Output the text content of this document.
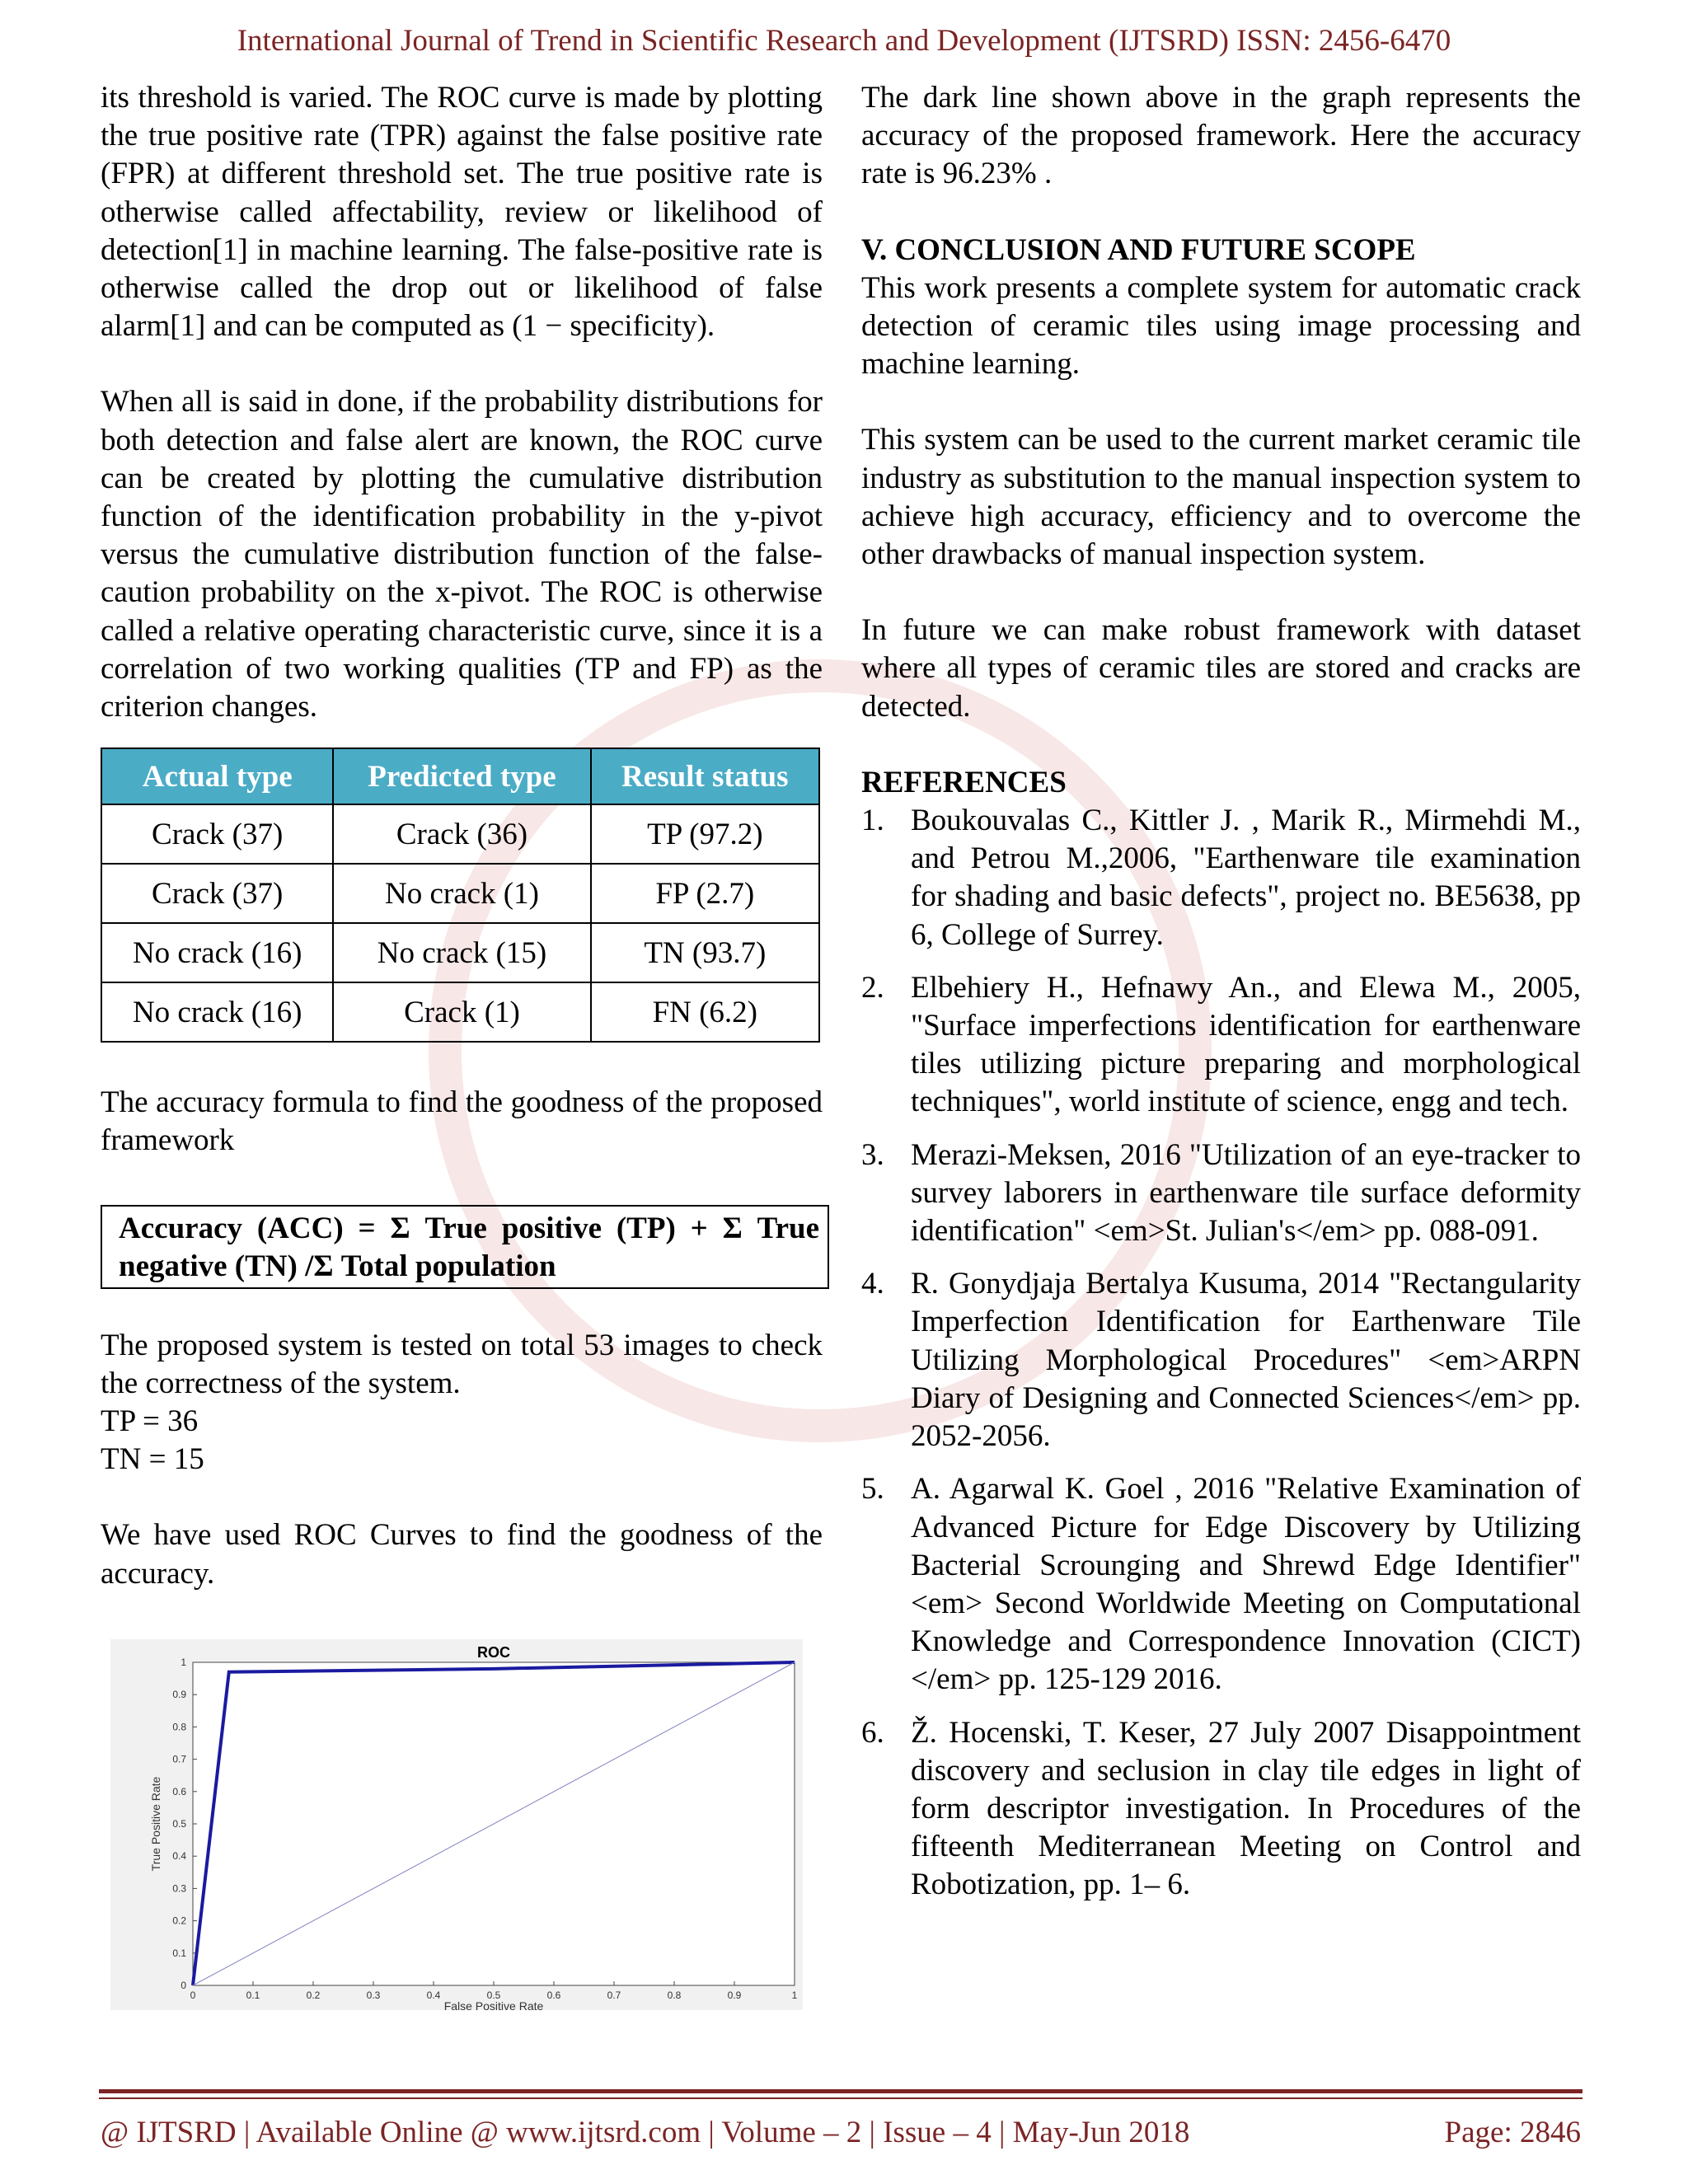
International Journal of Trend in Scientific Research and Development (IJTSRD) ISSN: 2456-6470

its threshold is varied. The ROC curve is made by plotting the true positive rate (TPR) against the false positive rate (FPR) at different threshold set. The true positive rate is otherwise called affectability, review or likelihood of detection[1] in machine learning. The false-positive rate is otherwise called the drop out or likelihood of false alarm[1] and can be computed as (1 − specificity).

When all is said in done, if the probability distributions for both detection and false alert are known, the ROC curve can be created by plotting the cumulative distribution function of the identification probability in the y-pivot versus the cumulative distribution function of the false-caution probability on the x-pivot. The ROC is otherwise called a relative operating characteristic curve, since it is a correlation of two working qualities (TP and FP) as the criterion changes.

Actual type	Predicted type	Result status
Crack (37)	Crack (36)	TP (97.2)
Crack (37)	No crack (1)	FP (2.7)
No crack (16)	No crack (15)	TN (93.7)
No crack (16)	Crack (1)	FN (6.2)

The accuracy formula to find the goodness of the proposed framework

Accuracy (ACC) = Σ True positive (TP) + Σ True negative (TN) /Σ Total population

The proposed system is tested on total 53 images to check the correctness of the system.

TP = 36

TN = 15

We have used ROC Curves to find the goodness of the accuracy.

ROC
0	0.1	0.2	0.3	0.4	0.5	0.6	0.7	0.8	0.9	1
0
0.1
0.2
0.3
0.4
0.5
0.6
0.7
0.8
0.9
1
False Positive Rate
True Positive Rate

The dark line shown above in the graph represents the accuracy of the proposed framework. Here the accuracy rate is 96.23% .

V. CONCLUSION AND FUTURE SCOPE

This work presents a complete system for automatic crack detection of ceramic tiles using image processing and machine learning.

This system can be used to the current market ceramic tile industry as substitution to the manual inspection system to achieve high accuracy, efficiency and to overcome the other drawbacks of manual inspection system.

In future we can make robust framework with dataset where all types of ceramic tiles are stored and cracks are detected.

REFERENCES
1. Boukouvalas C., Kittler J. , Marik R., Mirmehdi M., and Petrou M.,2006, "Earthenware tile examination for shading and basic defects", project no. BE5638, pp 6, College of Surrey.
2. Elbehiery H., Hefnawy An., and Elewa M., 2005, "Surface imperfections identification for earthenware tiles utilizing picture preparing and morphological techniques", world institute of science, engg and tech.
3. Merazi-Meksen, 2016 "Utilization of an eye-tracker to survey laborers in earthenware tile surface deformity identification" <em>St. Julian's</em> pp. 088-091.
4. R. Gonydjaja Bertalya Kusuma, 2014 "Rectangularity Imperfection Identification for Earthenware Tile Utilizing Morphological Procedures" <em>ARPN Diary of Designing and Connected Sciences</em> pp. 2052-2056.
5. A. Agarwal K. Goel , 2016 "Relative Examination of Advanced Picture for Edge Discovery by Utilizing Bacterial Scrounging and Shrewd Edge Identifier" <em> Second Worldwide Meeting on Computational Knowledge and Correspondence Innovation (CICT)</em> pp. 125-129 2016.
6. Ž. Hocenski, T. Keser, 27 July 2007 Disappointment discovery and seclusion in clay tile edges in light of form descriptor investigation. In Procedures of the fifteenth Mediterranean Meeting on Control and Robotization, pp. 1– 6.
@ IJTSRD | Available Online @ www.ijtsrd.com | Volume – 2 | Issue – 4 | May-Jun 2018	Page: 2846
